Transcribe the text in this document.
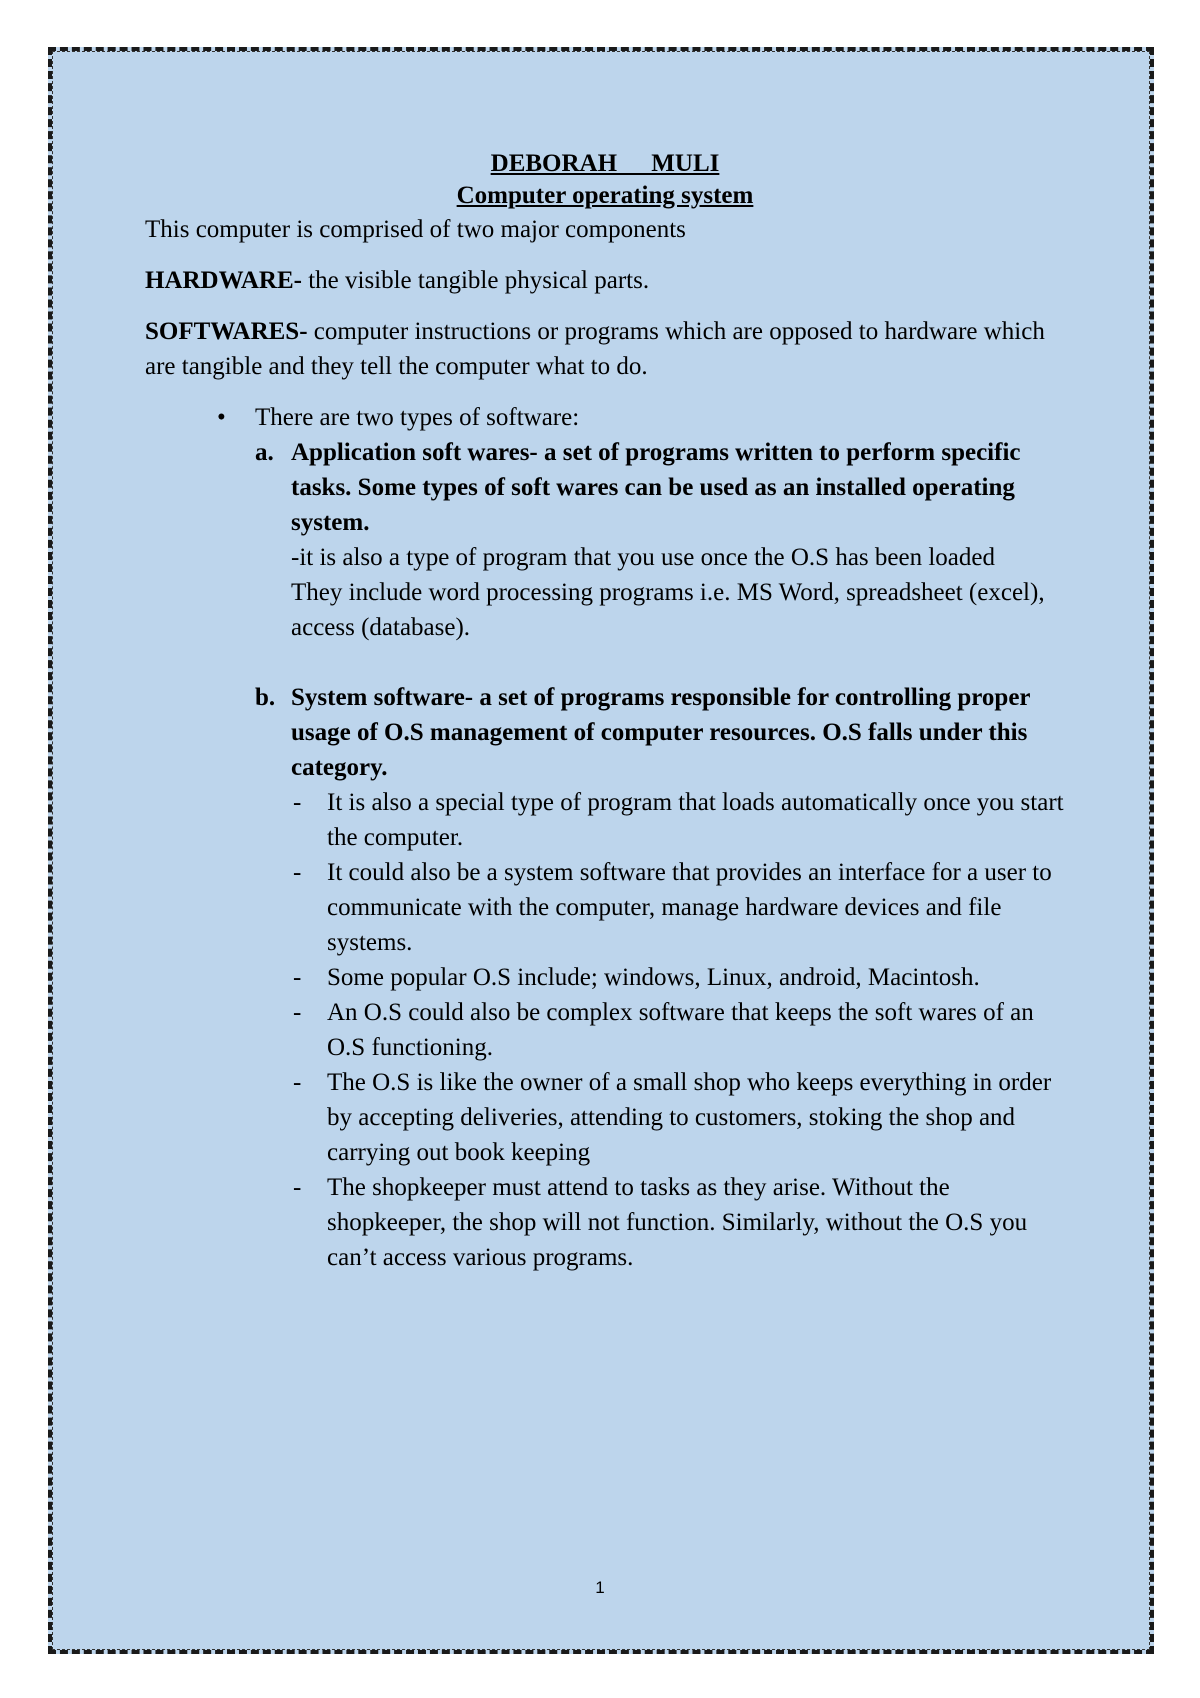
DEBORAH MULI
Computer operating system

This computer is comprised of two major components

HARDWARE- the visible tangible physical parts.

SOFTWARES- computer instructions or programs which are opposed to hardware which are tangible and they tell the computer what to do.

• There are two types of software:
a. Application soft wares- a set of programs written to perform specific tasks. Some types of soft wares can be used as an installed operating system.
-it is also a type of program that you use once the O.S has been loaded
They include word processing programs i.e. MS Word, spreadsheet (excel), access (database).
b. System software- a set of programs responsible for controlling proper usage of O.S management of computer resources. O.S falls under this category.
- It is also a special type of program that loads automatically once you start the computer.
- It could also be a system software that provides an interface for a user to communicate with the computer, manage hardware devices and file systems.
- Some popular O.S include; windows, Linux, android, Macintosh.
- An O.S could also be complex software that keeps the soft wares of an O.S functioning.
- The O.S is like the owner of a small shop who keeps everything in order by accepting deliveries, attending to customers, stoking the shop and carrying out book keeping
- The shopkeeper must attend to tasks as they arise. Without the shopkeeper, the shop will not function. Similarly, without the O.S you can’t access various programs.
1
